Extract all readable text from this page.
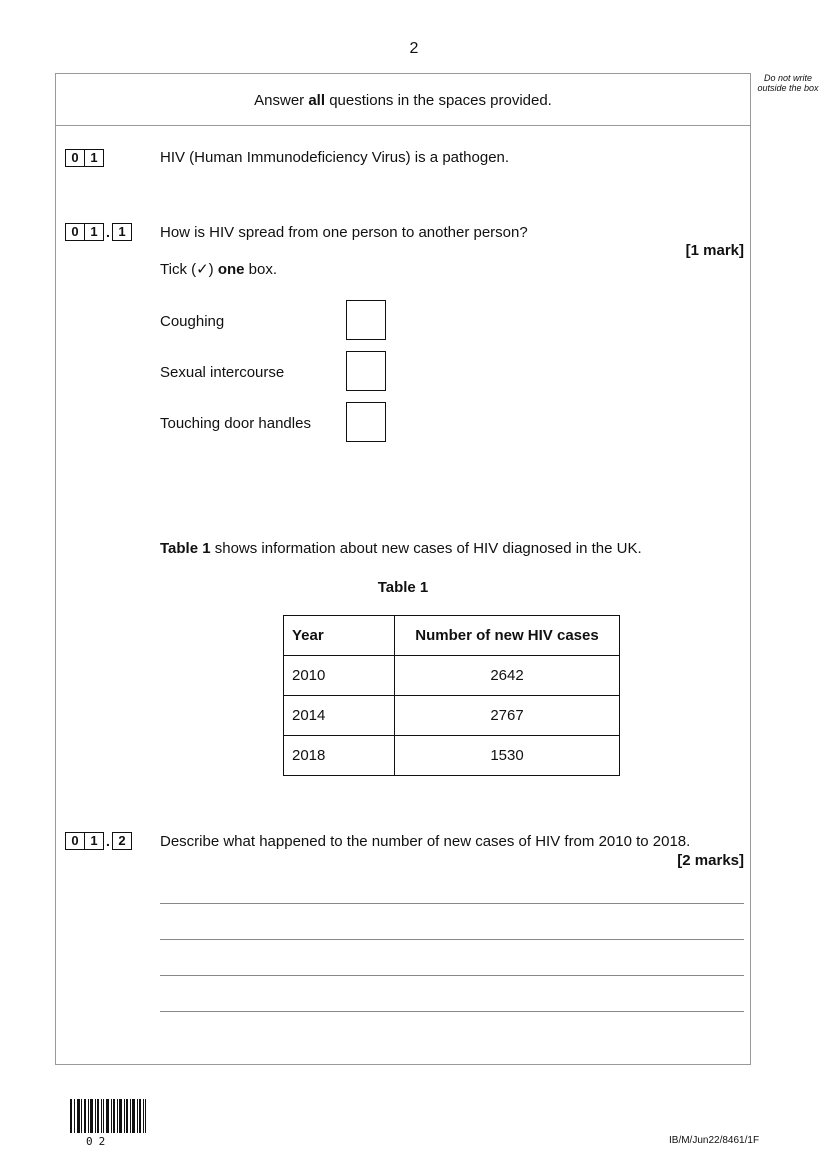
2
Do not write outside the box
Answer all questions in the spaces provided.
0 1	HIV (Human Immunodeficiency Virus) is a pathogen.
0 1 . 1	How is HIV spread from one person to another person?
[1 mark]
Tick (✓) one box.
Coughing
Sexual intercourse
Touching door handles
Table 1 shows information about new cases of HIV diagnosed in the UK.
Table 1
Year	Number of new HIV cases
2010	2642
2014	2767
2018	1530
0 1 . 2	Describe what happened to the number of new cases of HIV from 2010 to 2018.
[2 marks]
02	IB/M/Jun22/8461/1F
